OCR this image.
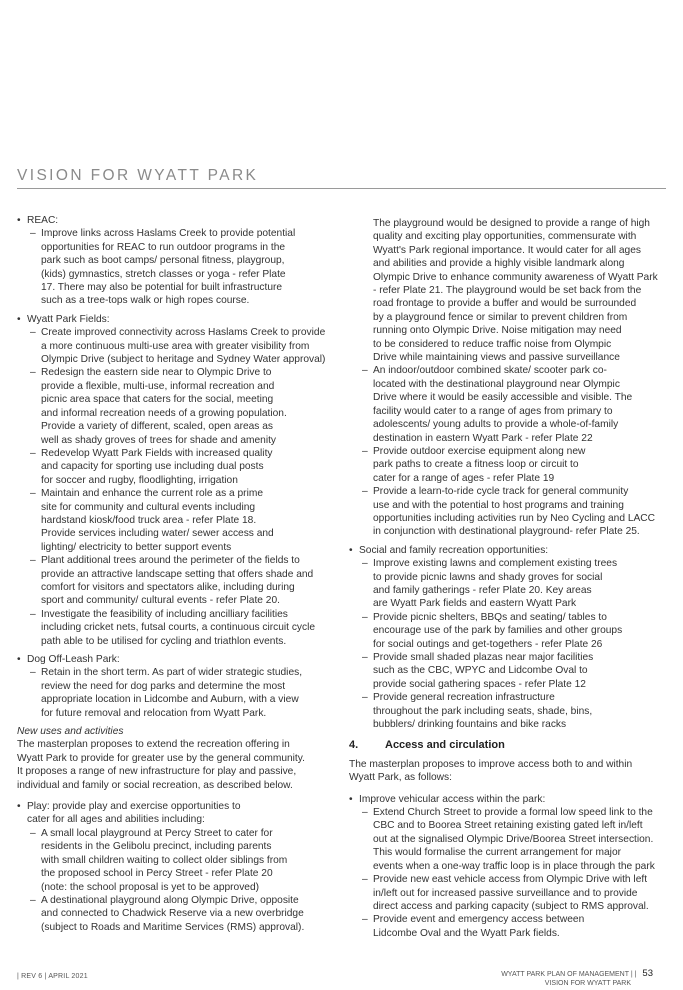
VISION FOR WYATT PARK
• REAC:
– Improve links across Haslams Creek to provide potential
opportunities for REAC to run outdoor programs in the
park such as boot camps/ personal fitness, playgroup,
(kids) gymnastics, stretch classes or yoga - refer Plate
17. There may also be potential for built infrastructure
such as a tree-tops walk or high ropes course.
• Wyatt Park Fields:
– Create improved connectivity across Haslams Creek to provide
a more continuous multi-use area with greater visibility from
Olympic Drive (subject to heritage and Sydney Water approval)
– Redesign the eastern side near to Olympic Drive to
provide a flexible, multi-use, informal recreation and
picnic area space that caters for the social, meeting
and informal recreation needs of a growing population.
Provide a variety of different, scaled, open areas as
well as shady groves of trees for shade and amenity
– Redevelop Wyatt Park Fields with increased quality
and capacity for sporting use including dual posts
for soccer and rugby, floodlighting, irrigation
– Maintain and enhance the current role as a prime
site for community and cultural events including
hardstand kiosk/food truck area - refer Plate 18.
Provide services including water/ sewer access and
lighting/ electricity to better support events
– Plant additional trees around the perimeter of the fields to
provide an attractive landscape setting that offers shade and
comfort for visitors and spectators alike, including during
sport and community/ cultural events - refer Plate 20.
– Investigate the feasibility of including ancilliary facilities
including cricket nets, futsal courts, a continuous circuit cycle
path able to be utilised for cycling and triathlon events.
• Dog Off-Leash Park:
– Retain in the short term. As part of wider strategic studies,
review the need for dog parks and determine the most
appropriate location in Lidcombe and Auburn, with a view
for future removal and relocation from Wyatt Park.
New uses and activities
The masterplan proposes to extend the recreation offering in
Wyatt Park to provide for greater use by the general community.
It proposes a range of new infrastructure for play and passive,
individual and family or social recreation, as described below.
• Play: provide play and exercise opportunities to
cater for all ages and abilities including:
– A small local playground at Percy Street to cater for
residents in the Gelibolu precinct, including parents
with small children waiting to collect older siblings from
the proposed school in Percy Street - refer Plate 20
(note: the school proposal is yet to be approved)
– A destinational playground along Olympic Drive, opposite
and connected to Chadwick Reserve via a new overbridge
(subject to Roads and Maritime Services (RMS) approval).
The playground would be designed to provide a range of high
quality and exciting play opportunities, commensurate with
Wyatt's Park regional importance. It would cater for all ages
and abilities and provide a highly visible landmark along
Olympic Drive to enhance community awareness of Wyatt Park
- refer Plate 21. The playground would be set back from the
road frontage to provide a buffer and would be surrounded
by a playground fence or similar to prevent children from
running onto Olympic Drive. Noise mitigation may need
to be considered to reduce traffic noise from Olympic
Drive while maintaining views and passive surveillance
– An indoor/outdoor combined skate/ scooter park co-
located with the destinational playground near Olympic
Drive where it would be easily accessible and visible. The
facility would cater to a range of ages from primary to
adolescents/ young adults to provide a whole-of-family
destination in eastern Wyatt Park - refer Plate 22
– Provide outdoor exercise equipment along new
park paths to create a fitness loop or circuit to
cater for a range of ages - refer Plate 19
– Provide a learn-to-ride cycle track for general community
use and with the potential to host programs and training
opportunities including activities run by Neo Cycling and LACC
in conjunction with destinational playground- refer Plate 25.
• Social and family recreation opportunities:
– Improve existing lawns and complement existing trees
to provide picnic lawns and shady groves for social
and family gatherings - refer Plate 20. Key areas
are Wyatt Park fields and eastern Wyatt Park
– Provide picnic shelters, BBQs and seating/ tables to
encourage use of the park by families and other groups
for social outings and get-togethers - refer Plate 26
– Provide small shaded plazas near major facilities
such as the CBC, WPYC and Lidcombe Oval to
provide social gathering spaces - refer Plate 12
– Provide general recreation infrastructure
throughout the park including seats, shade, bins,
bubblers/ drinking fountains and bike racks
4. Access and circulation
The masterplan proposes to improve access both to and within
Wyatt Park, as follows:
• Improve vehicular access within the park:
– Extend Church Street to provide a formal low speed link to the
CBC and to Boorea Street retaining existing gated left in/left
out at the signalised Olympic Drive/Boorea Street intersection.
This would formalise the current arrangement for major
events when a one-way traffic loop is in place through the park
– Provide new east vehicle access from Olympic Drive with left
in/left out for increased passive surveillance and to provide
direct access and parking capacity (subject to RMS approval.
– Provide event and emergency access between
Lidcombe Oval and the Wyatt Park fields.
| REV 6 | APRIL 2021	WYATT PARK PLAN OF MANAGEMENT | | 53
VISION FOR WYATT PARK
